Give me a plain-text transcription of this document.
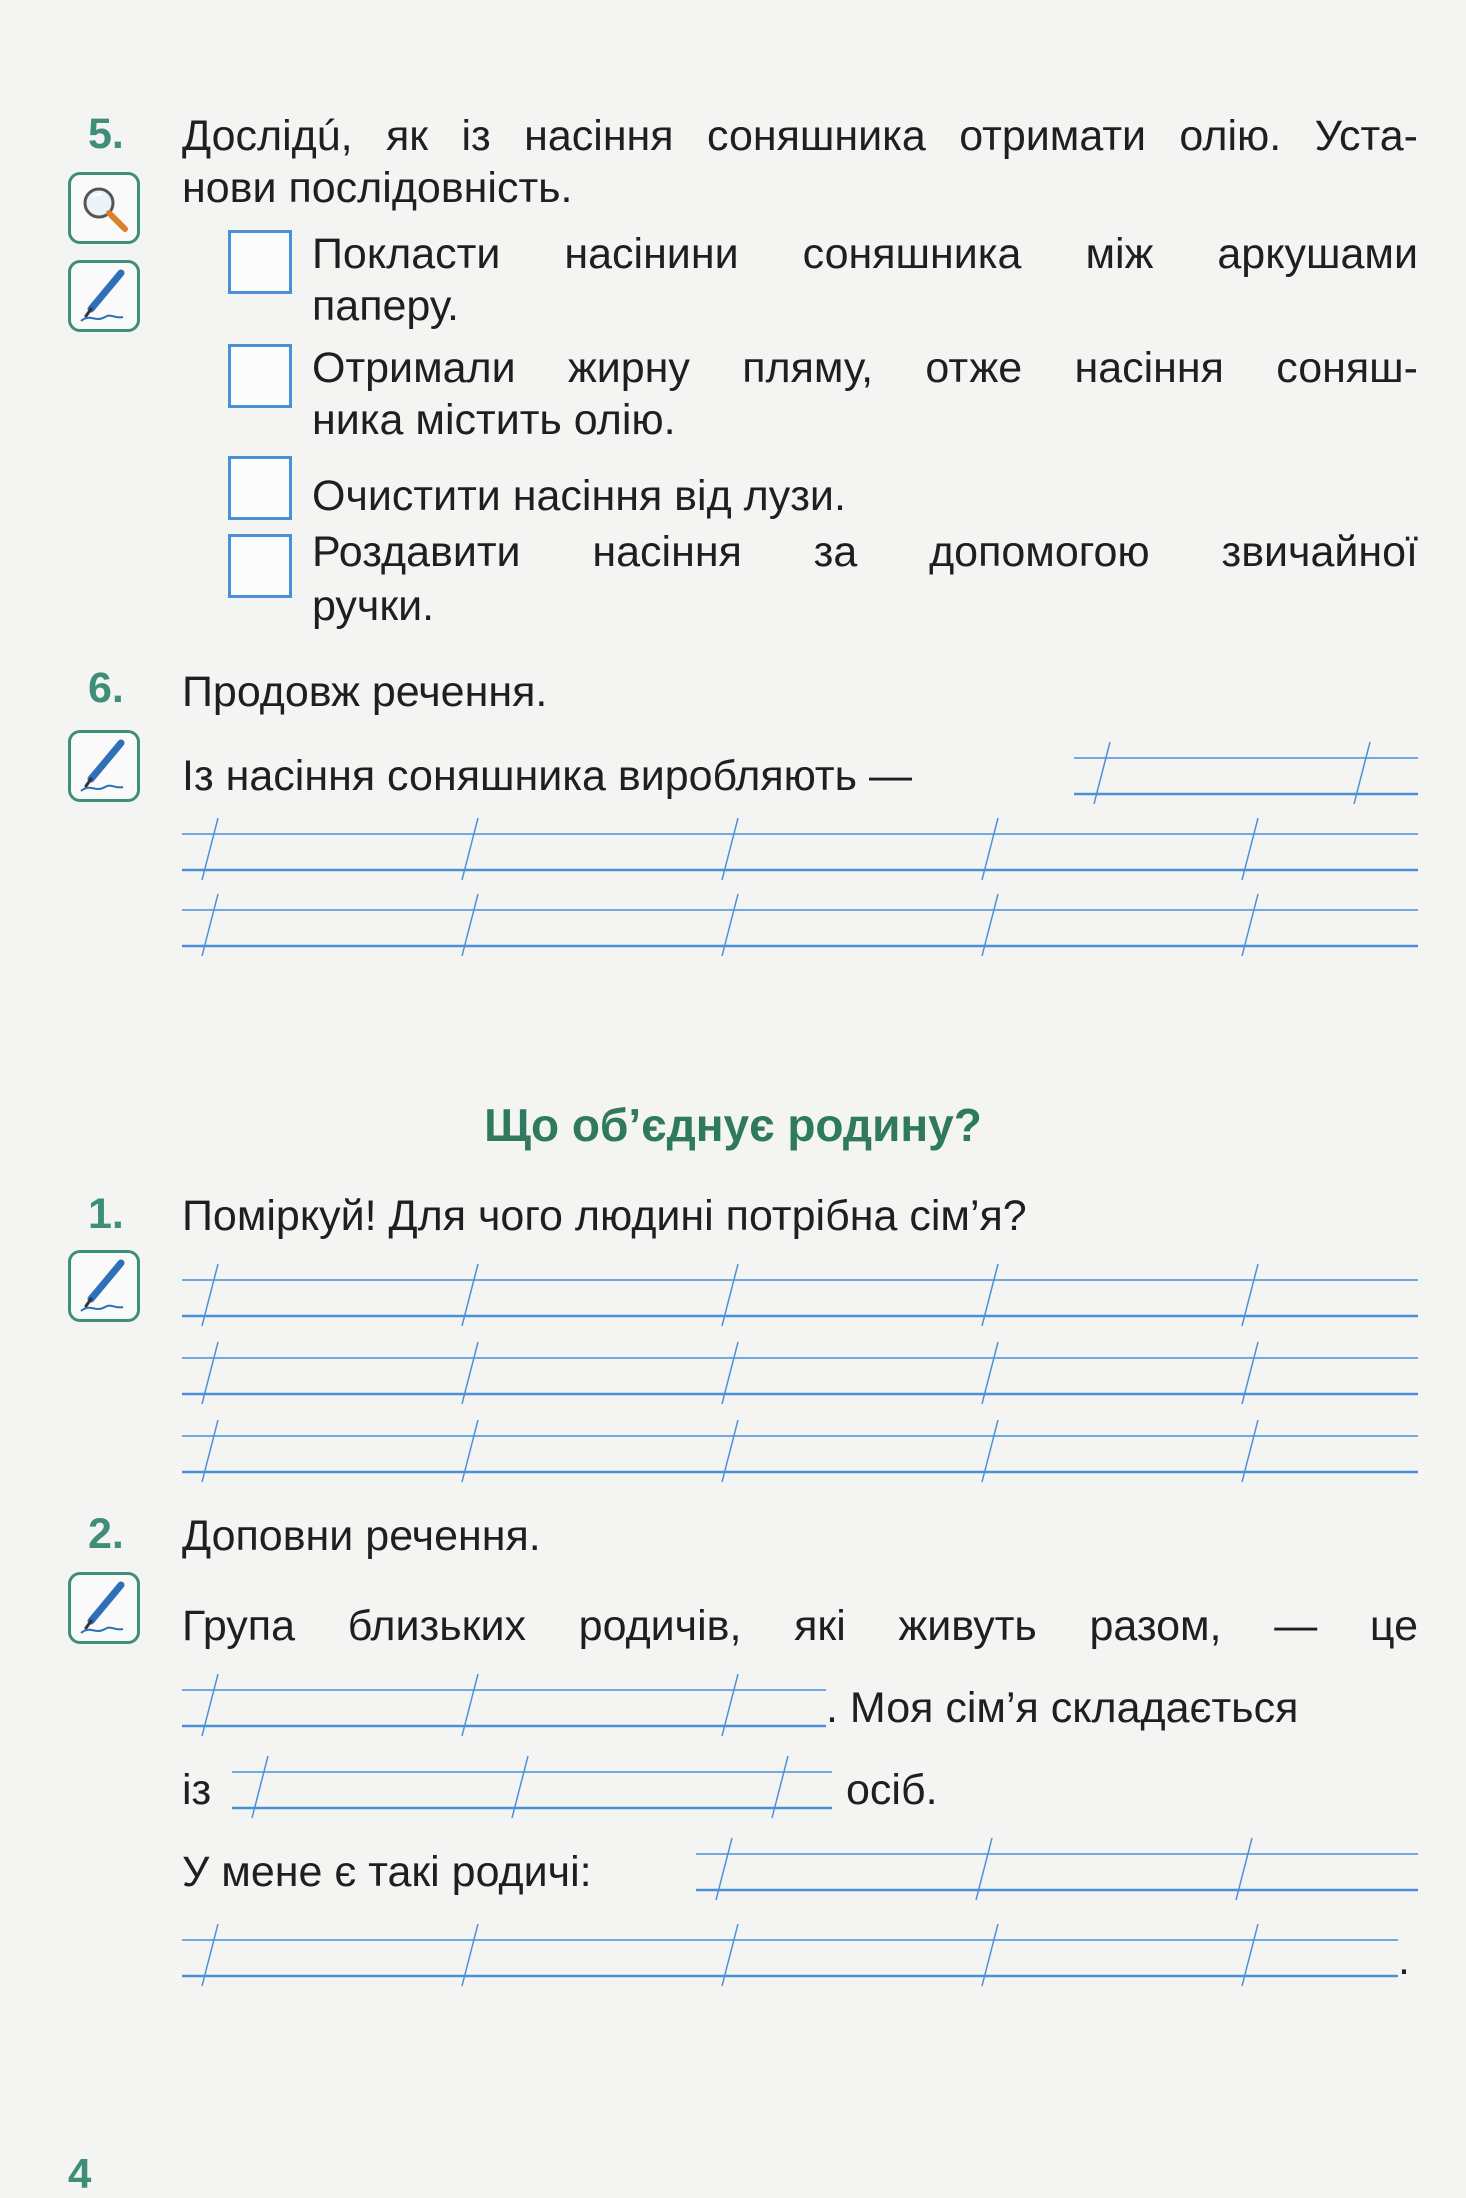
5. Дослідú, як із насіння соняшника отримати олію. Уста-
нови послідовність.
Покласти насінини соняшника між аркушами
паперу.
Отримали жирну пляму, отже насіння соняш-
ника містить олію.
Очистити насіння від лузи.
Роздавити насіння за допомогою звичайної
ручки.
6. Продовж речення.
Із насіння соняшника виробляють —
Що об’єднує родину?
1. Поміркуй! Для чого людині потрібна сім’я?
2. Доповни речення.
Група близьких родичів, які живуть разом, — це
. Моя сім’я складається
із	осіб.
У мене є такі родичі:
.
4
